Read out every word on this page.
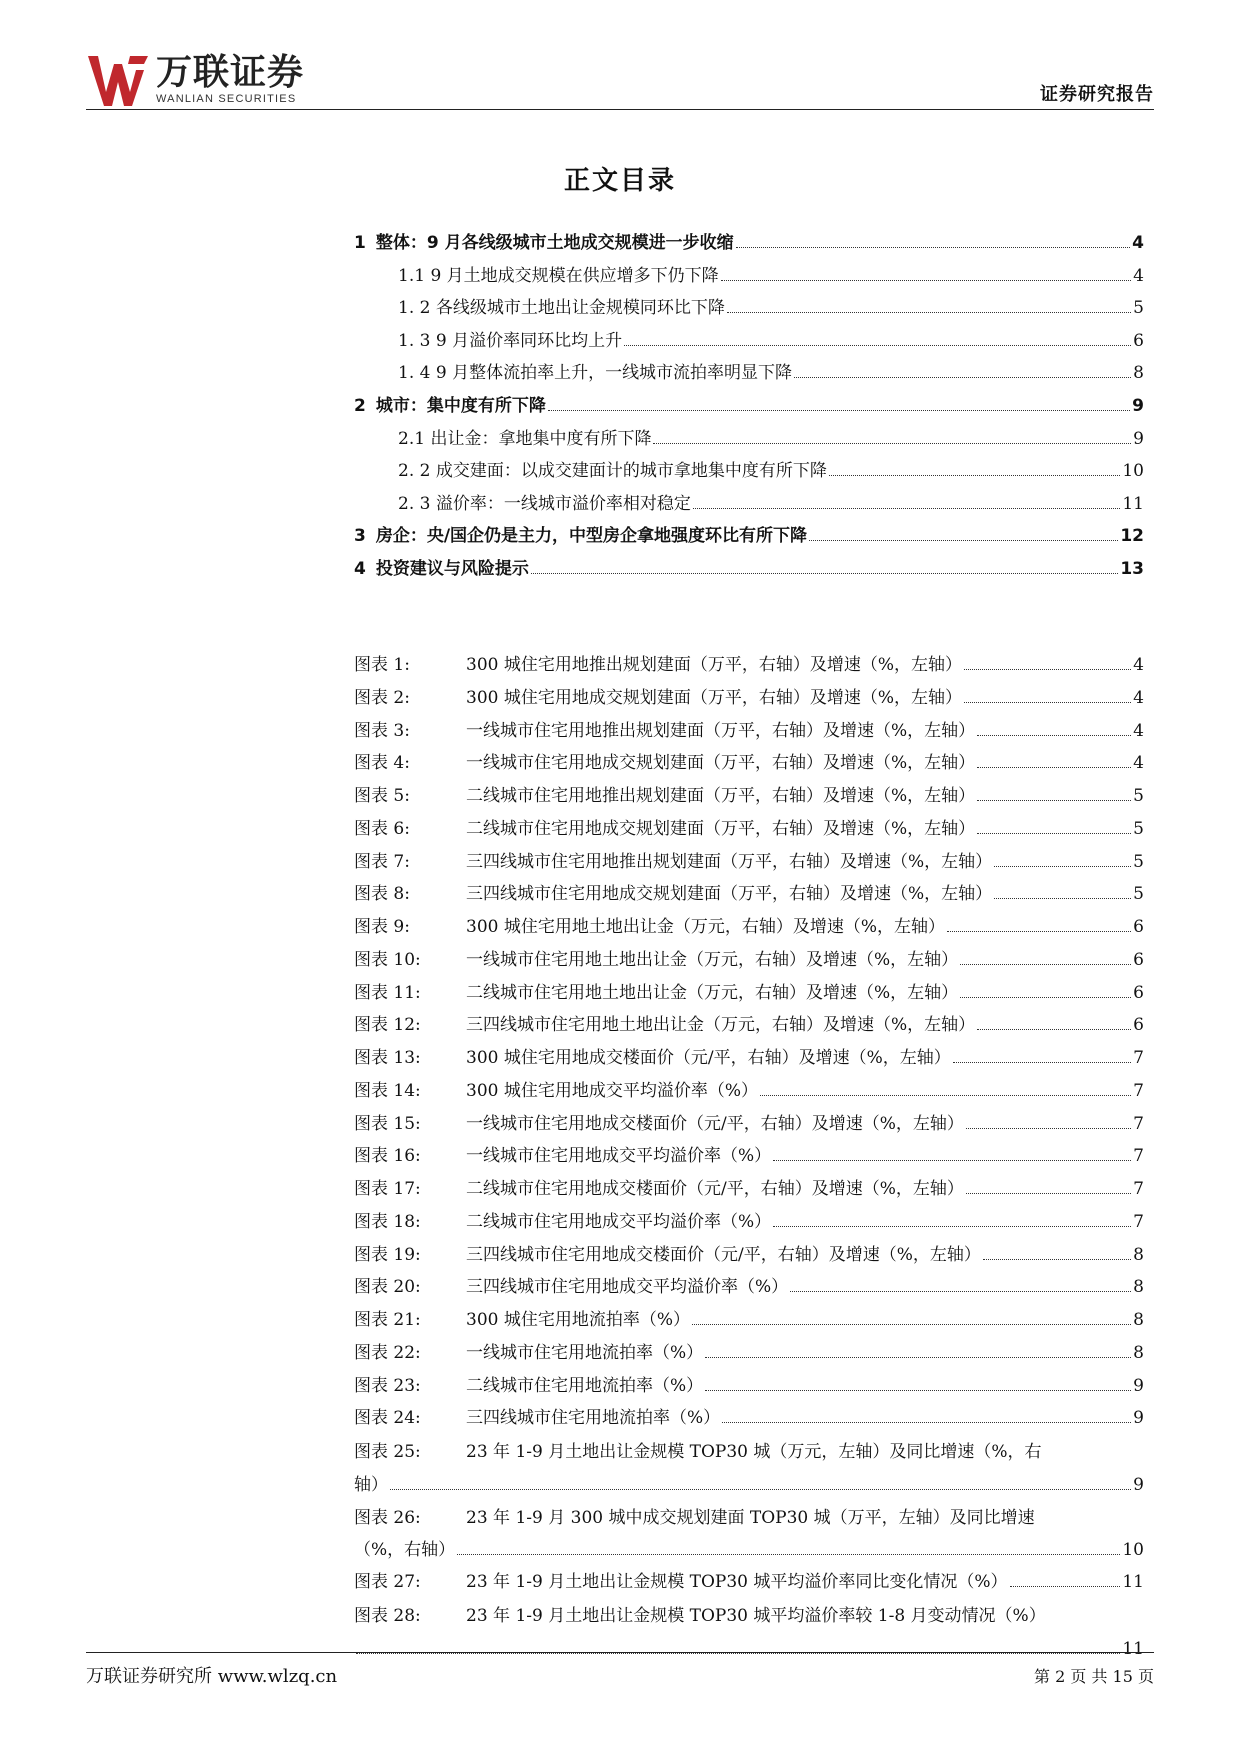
万联证券
WANLIAN SECURITIES	证券研究报告
正文目录
1 整体：9 月各线级城市土地成交规模进一步收缩	4
1.1 9 月土地成交规模在供应增多下仍下降	4
1. 2 各线级城市土地出让金规模同环比下降	5
1. 3 9 月溢价率同环比均上升	6
1. 4 9 月整体流拍率上升，一线城市流拍率明显下降	8
2 城市：集中度有所下降	9
2.1 出让金：拿地集中度有所下降	9
2. 2 成交建面：以成交建面计的城市拿地集中度有所下降	10
2. 3 溢价率：一线城市溢价率相对稳定	11
3 房企：央/国企仍是主力，中型房企拿地强度环比有所下降	12
4 投资建议与风险提示	13
图表 1:	300 城住宅用地推出规划建面（万平，右轴）及增速（%，左轴）	4
图表 2:	300 城住宅用地成交规划建面（万平，右轴）及增速（%，左轴）	4
图表 3:	一线城市住宅用地推出规划建面（万平，右轴）及增速（%，左轴）	4
图表 4:	一线城市住宅用地成交规划建面（万平，右轴）及增速（%，左轴）	4
图表 5:	二线城市住宅用地推出规划建面（万平，右轴）及增速（%，左轴）	5
图表 6:	二线城市住宅用地成交规划建面（万平，右轴）及增速（%，左轴）	5
图表 7:	三四线城市住宅用地推出规划建面（万平，右轴）及增速（%，左轴）	5
图表 8:	三四线城市住宅用地成交规划建面（万平，右轴）及增速（%，左轴）	5
图表 9:	300 城住宅用地土地出让金（万元，右轴）及增速（%，左轴）	6
图表 10:	一线城市住宅用地土地出让金（万元，右轴）及增速（%，左轴）	6
图表 11:	二线城市住宅用地土地出让金（万元，右轴）及增速（%，左轴）	6
图表 12:	三四线城市住宅用地土地出让金（万元，右轴）及增速（%，左轴）	6
图表 13:	300 城住宅用地成交楼面价（元/平，右轴）及增速（%，左轴）	7
图表 14:	300 城住宅用地成交平均溢价率（%）	7
图表 15:	一线城市住宅用地成交楼面价（元/平，右轴）及增速（%，左轴）	7
图表 16:	一线城市住宅用地成交平均溢价率（%）	7
图表 17:	二线城市住宅用地成交楼面价（元/平，右轴）及增速（%，左轴）	7
图表 18:	二线城市住宅用地成交平均溢价率（%）	7
图表 19:	三四线城市住宅用地成交楼面价（元/平，右轴）及增速（%，左轴）	8
图表 20:	三四线城市住宅用地成交平均溢价率（%）	8
图表 21:	300 城住宅用地流拍率（%）	8
图表 22:	一线城市住宅用地流拍率（%）	8
图表 23:	二线城市住宅用地流拍率（%）	9
图表 24:	三四线城市住宅用地流拍率（%）	9
图表 25:	23 年 1-9 月土地出让金规模 TOP30 城（万元，左轴）及同比增速（%，右
轴）	9
图表 26:	23 年 1-9 月 300 城中成交规划建面 TOP30 城（万平，左轴）及同比增速
（%，右轴）	10
图表 27:	23 年 1-9 月土地出让金规模 TOP30 城平均溢价率同比变化情况（%）	11
图表 28:	23 年 1-9 月土地出让金规模 TOP30 城平均溢价率较 1-8 月变动情况（%）
11
万联证券研究所 www.wlzq.cn	第 2 页 共 15 页
